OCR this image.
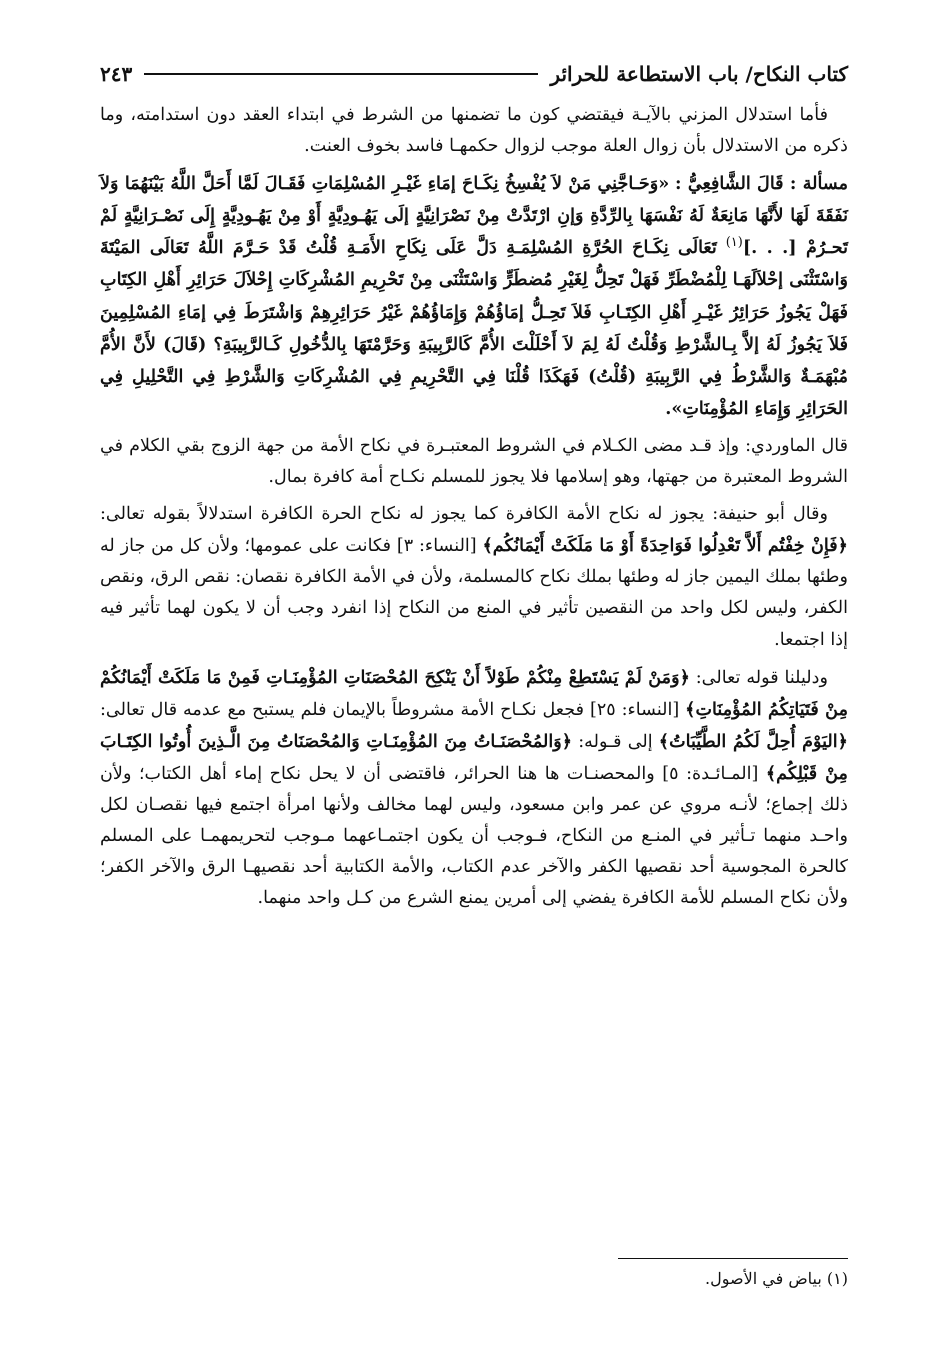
كتاب النكاح/ باب الاستطاعة للحرائر
٢٤٣

فأما استدلال المزني بالآيـة فيقتضي كون ما تضمنها من الشرط في ابتداء العقد دون استدامته، وما ذكره من الاستدلال بأن زوال العلة موجب لزوال حكمهـا فاسد بخوف العنت.

مسألة : قَالَ الشَّافِعِيُّ : «وَحَـاجَّنِي مَنْ لاَ يُفْسِخُ نِكَـاحَ إمَاءِ غَيْـرِ المُسْلِمَاتِ فَقَـالَ لَمَّا أَحَلَّ اللَّهُ بَيْنَهُمَا وَلاَ نَفَقَةَ لَهَا لأَنَّهَا مَانِعَةٌ لَهُ نَفْسَهَا بِالرِّدَّةِ وَإنِ ارْتَدَّتْ مِنْ نَصْرَانِيَّةٍ إلَى يَهُـودِيَّةٍ أَوْ مِنْ يَهُـودِيَّةٍ إِلَى نَصْـرَانِيَّةٍ لَمْ تَحـرُمْ [. . .]$^{(١)}$ تَعَالَى نِكَـاحَ الحُرَّةِ المُسْلِمَـةِ دَلَّ عَلَى نِكَاحِ الأَمَـةِ قُلْتُ قَدْ حَـرَّمَ اللَّهُ تَعَالَى المَيْتَةَ وَاسْتَثْنَى إحْلاَلَهَـا لِلْمُضْطَرِّ فَهَلْ تَحِلُّ لِغَيْرِ مُضطَرٍّ وَاسْتَثْنَى مِنْ تَحْرِيمِ المُشْرِكَاتِ إِحْلاَلَ حَرَائِرِ أَهْلِ الكِتَابِ فَهَلْ يَجُوزُ حَرَائِرُ غَيْـرِ أَهْلِ الكِتَـابِ فَلاَ تَحِـلُّ إمَاؤُهُمْ وَإِمَاؤُهُمْ غَيْرُ حَرَائِرِهِمْ وَاشْتَرَطَ فِي إمَاءِ المُسْلِمِينَ فَلاَ يَجُوزُ لَهُ إلاَّ بِـالشَّرْطِ وَقُلْتُ لَهُ لِمَ لاَ أَحْلَلْتَ الأُمَّ كَالرَّبِيبَةِ وَحَرَّمْتَهَا بِالدُّخُولِ كَـالرَّبِيبَةِ؟ (قَالَ) لأَنَّ الأُمَّ مُبْهَمَـةٌ وَالشَّرْطُ فِي الرَّبِيبَةِ (قُلْتُ) فَهَكَذَا قُلْنَا فِي التَّحْرِيمِ فِي المُشْرِكَاتِ وَالشَّرْطِ فِي التَّحْلِيلِ فِي الحَرَائِرِ وَإِمَاءِ المُؤْمِنَاتِ».

قال الماوردي: وإذ قـد مضى الكـلام في الشروط المعتبـرة في نكاح الأمة من جهة الزوج بقي الكلام في الشروط المعتبرة من جهتها، وهو إسلامها فلا يجوز للمسلم نكـاح أمة كافرة بمال.

وقال أبو حنيفة: يجوز له نكاح الأمة الكافرة كما يجوز له نكاح الحرة الكافرة استدلالاً بقوله تعالى: ﴿فَإِنْ خِفْتُم أَلاَّ تَعْدِلُوا فَوَاحِدَةً أَوْ مَا مَلَكَتْ أَيْمَانُكُم﴾ [النساء: ٣] فكانت على عمومها؛ ولأن كل من جاز له وطئها بملك اليمين جاز له وطئها بملك نكاح كالمسلمة، ولأن في الأمة الكافرة نقصان: نقص الرق، ونقص الكفر، وليس لكل واحد من النقصين تأثير في المنع من النكاح إذا انفرد وجب أن لا يكون لهما تأثير فيه إذا اجتمعا.

ودليلنا قوله تعالى: ﴿وَمَنْ لَمْ يَسْتَطِعْ مِنْكُمْ طَوْلاً أَنْ يَنْكِحَ المُحْصَنَاتِ المُؤْمِنَـاتِ فَمِنْ مَا مَلَكَتْ أَيْمَانُكُمْ مِنْ فَتَيَاتِكُمُ المُؤْمِنَاتِ﴾ [النساء: ٢٥] فجعل نكـاح الأمة مشروطاً بالإيمان فلم يستبح مع عدمه قال تعالى: ﴿اليَوْمَ أُحِلَّ لَكُمُ الطَّيِّبَاتُ﴾ إلى قـوله: ﴿وَالمُحْصَنَـاتُ مِنَ المُؤْمِنَـاتِ وَالمُحْصَنَاتُ مِنَ الَّـذِينَ أُوتُوا الكِتَـابَ مِنْ قَبْلِكُم﴾ [المـائـدة: ٥] والمحصنـات ها هنا الحرائر، فاقتضى أن لا يحل نكاح إماء أهل الكتاب؛ ولأن ذلك إجماع؛ لأنـه مروي عن عمر وابن مسعود، وليس لهما مخالف ولأنها امرأة اجتمع فيها نقصـان لكل واحـد منهما تـأثير في المنـع من النكاح، فـوجب أن يكون اجتمـاعهما مـوجب لتحريمهمـا على المسلم كالحرة المجوسية أحد نقصيها الكفر والآخر عدم الكتاب، والأمة الكتابية أحد نقصيهـا الرق والآخر الكفر؛ ولأن نكاح المسلم للأمة الكافرة يفضي إلى أمرين يمنع الشرع من كـل واحد منهما.

(١) بياض في الأصول.
